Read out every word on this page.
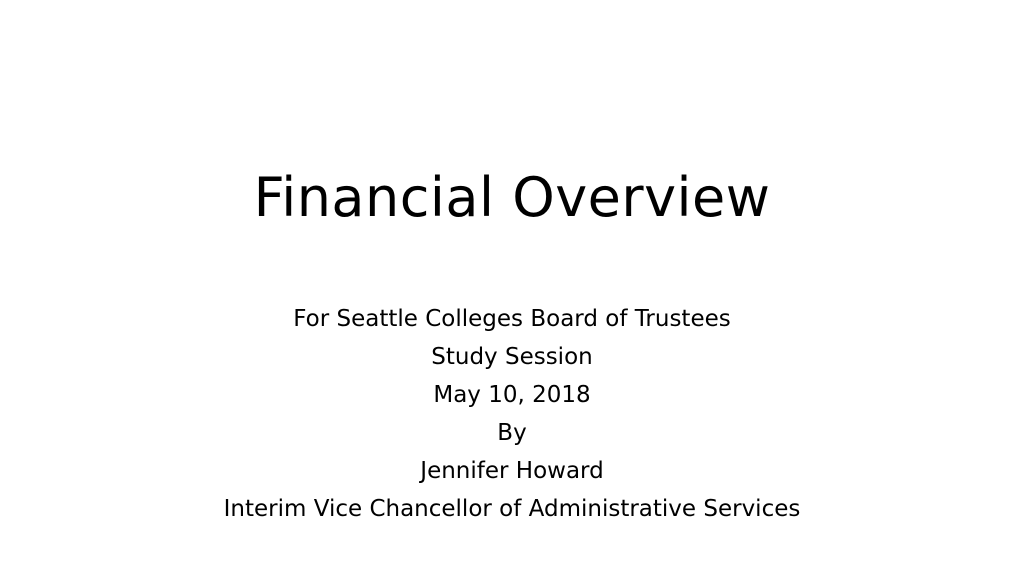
Financial Overview
For Seattle Colleges Board of Trustees
Study Session
May 10, 2018
By
Jennifer Howard
Interim Vice Chancellor of Administrative Services
